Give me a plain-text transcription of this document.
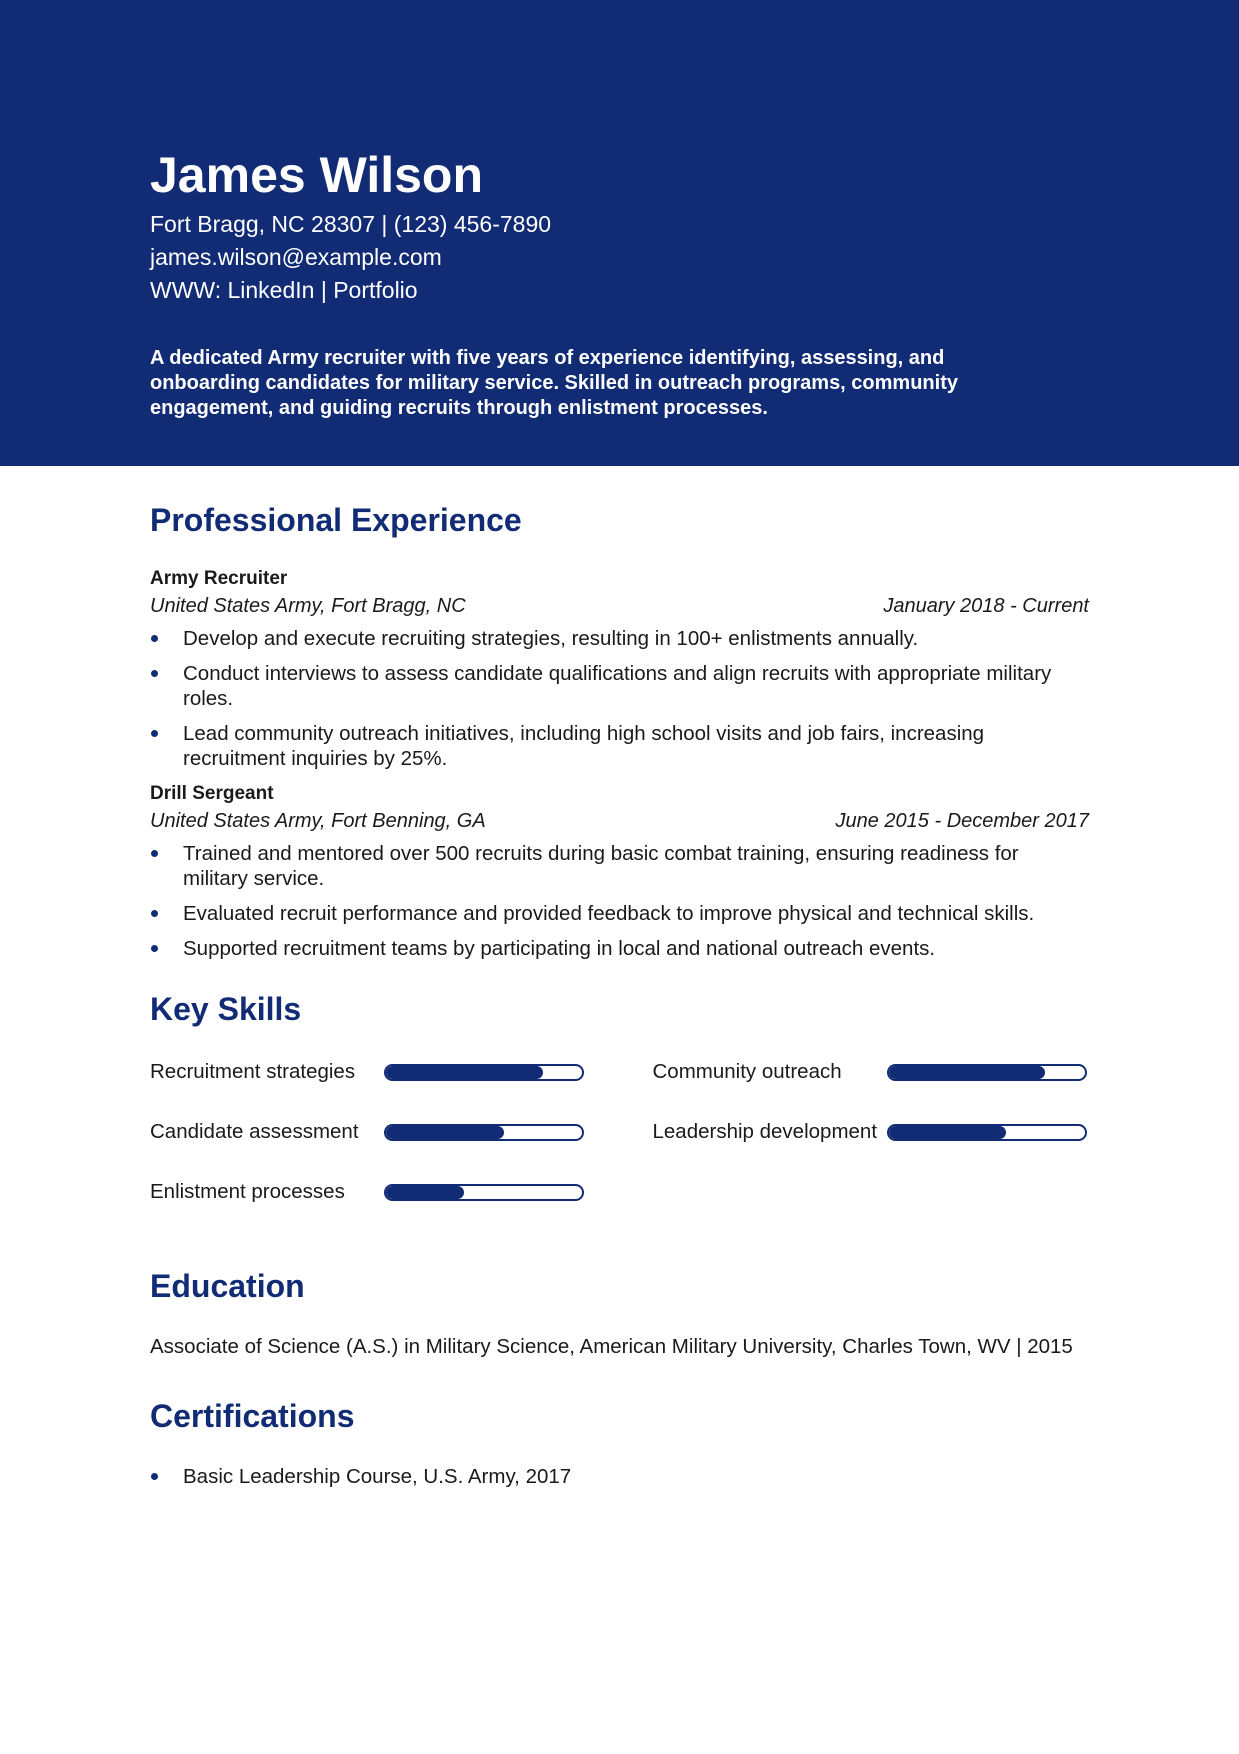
James Wilson

Fort Bragg, NC 28307 | (123) 456-7890

james.wilson@example.com

WWW: LinkedIn | Portfolio

A dedicated Army recruiter with five years of experience identifying, assessing, and onboarding candidates for military service. Skilled in outreach programs, community engagement, and guiding recruits through enlistment processes.
Professional Experience
Army Recruiter
United States Army, Fort Bragg, NC	January 2018 - Current
Develop and execute recruiting strategies, resulting in 100+ enlistments annually.
Conduct interviews to assess candidate qualifications and align recruits with appropriate military roles.
Lead community outreach initiatives, including high school visits and job fairs, increasing recruitment inquiries by 25%.
Drill Sergeant
United States Army, Fort Benning, GA	June 2015 - December 2017
Trained and mentored over 500 recruits during basic combat training, ensuring readiness for military service.
Evaluated recruit performance and provided feedback to improve physical and technical skills.
Supported recruitment teams by participating in local and national outreach events.
Key Skills
Recruitment strategies	Community outreach
Candidate assessment	Leadership development
Enlistment processes
Education
Associate of Science (A.S.) in Military Science, American Military University, Charles Town, WV | 2015
Certifications
Basic Leadership Course, U.S. Army, 2017
